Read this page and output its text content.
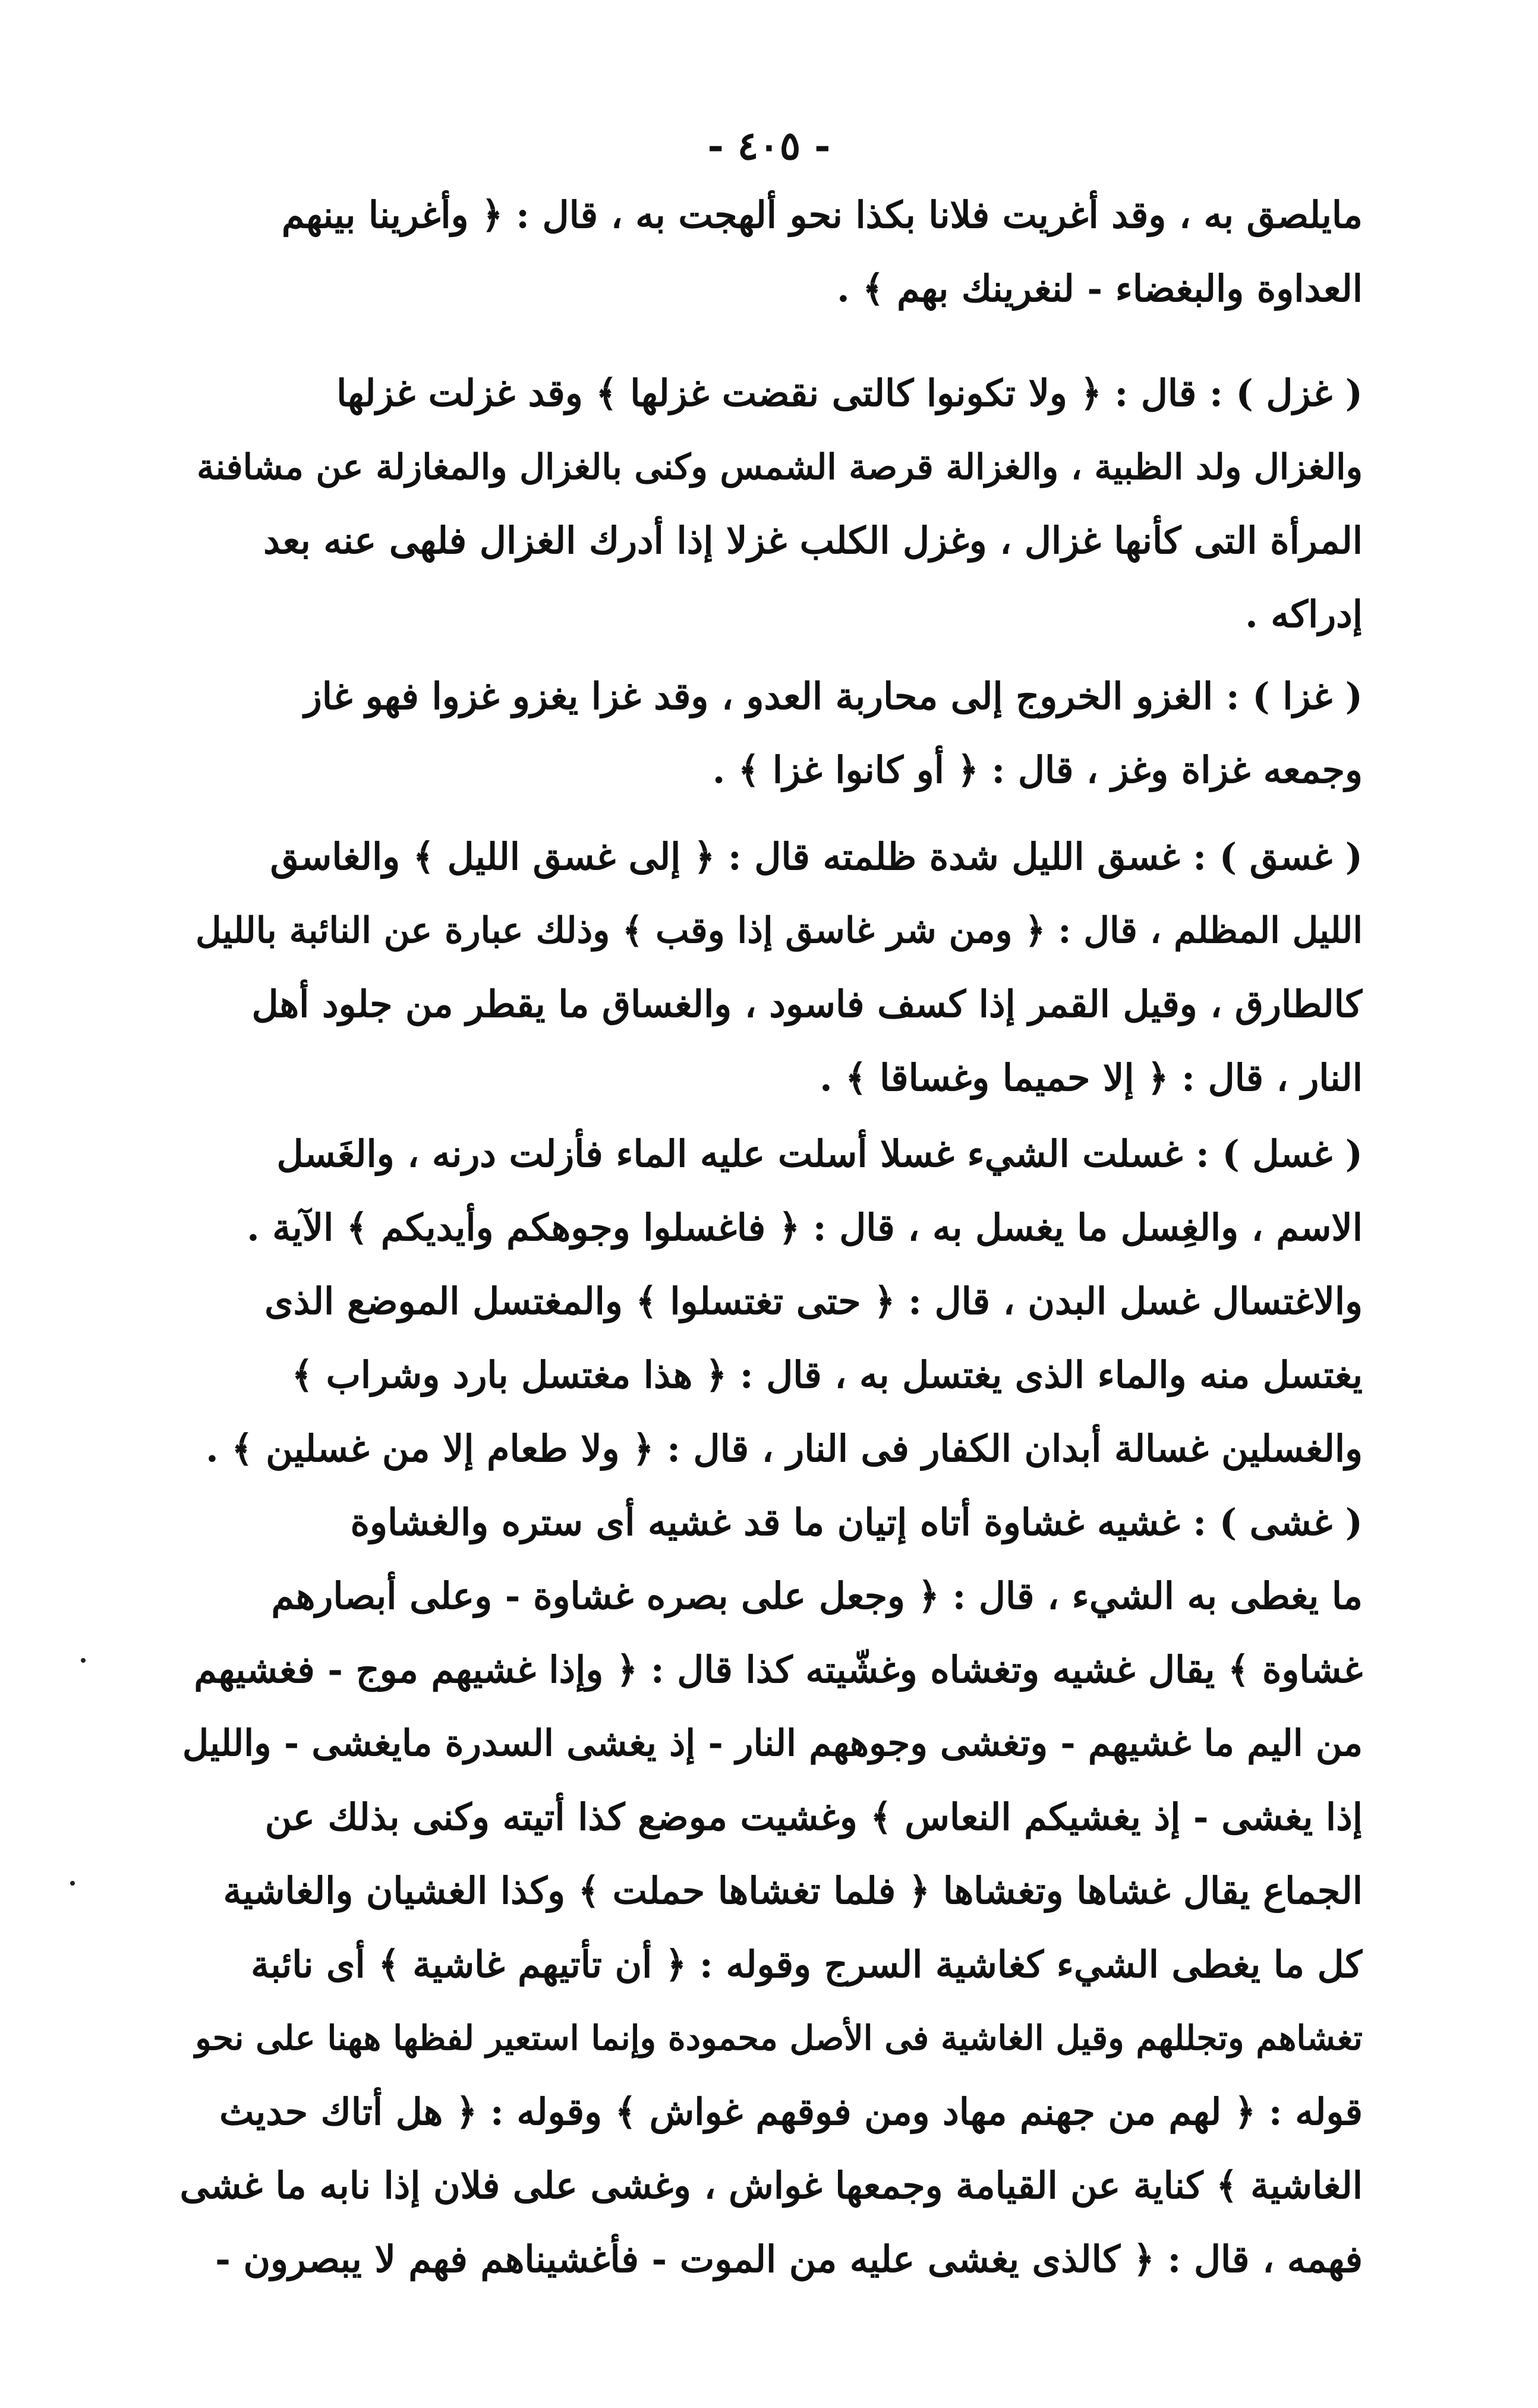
- ٤٠٥ -
مايلصق به ، وقد أغريت فلانا بكذا نحو ألهجت به ، قال : ﴿ وأغرينا بينهم
العداوة والبغضاء - لنغرينك بهم ﴾ .
( غزل ) : قال : ﴿ ولا تكونوا كالتى نقضت غزلها ﴾ وقد غزلت غزلها
والغزال ولد الظبية ، والغزالة قرصة الشمس وكنى بالغزال والمغازلة عن مشافنة
المرأة التى كأنها غزال ، وغزل الكلب غزلا إذا أدرك الغزال فلهى عنه بعد
إدراكه .
( غزا ) : الغزو الخروج إلى محاربة العدو ، وقد غزا يغزو غزوا فهو غاز
وجمعه غزاة وغز ، قال : ﴿ أو كانوا غزا ﴾ .
( غسق ) : غسق الليل شدة ظلمته قال : ﴿ إلى غسق الليل ﴾ والغاسق
الليل المظلم ، قال : ﴿ ومن شر غاسق إذا وقب ﴾ وذلك عبارة عن النائبة بالليل
كالطارق ، وقيل القمر إذا كسف فاسود ، والغساق ما يقطر من جلود أهل
النار ، قال : ﴿ إلا حميما وغساقا ﴾ .
( غسل ) : غسلت الشيء غسلا أسلت عليه الماء فأزلت درنه ، والغَسل
الاسم ، والغِسل ما يغسل به ، قال : ﴿ فاغسلوا وجوهكم وأيديكم ﴾ الآية .
والاغتسال غسل البدن ، قال : ﴿ حتى تغتسلوا ﴾ والمغتسل الموضع الذى
يغتسل منه والماء الذى يغتسل به ، قال : ﴿ هذا مغتسل بارد وشراب ﴾
والغسلين غسالة أبدان الكفار فى النار ، قال : ﴿ ولا طعام إلا من غسلين ﴾ .
( غشى ) : غشيه غشاوة أتاه إتيان ما قد غشيه أى ستره والغشاوة
ما يغطى به الشيء ، قال : ﴿ وجعل على بصره غشاوة - وعلى أبصارهم
غشاوة ﴾ يقال غشيه وتغشاه وغشّيته كذا قال : ﴿ وإذا غشيهم موج - فغشيهم
من اليم ما غشيهم - وتغشى وجوههم النار - إذ يغشى السدرة مايغشى - والليل
إذا يغشى - إذ يغشيكم النعاس ﴾ وغشيت موضع كذا أتيته وكنى بذلك عن
الجماع يقال غشاها وتغشاها ﴿ فلما تغشاها حملت ﴾ وكذا الغشيان والغاشية
كل ما يغطى الشيء كغاشية السرج وقوله : ﴿ أن تأتيهم غاشية ﴾ أى نائبة
تغشاهم وتجللهم وقيل الغاشية فى الأصل محمودة وإنما استعير لفظها ههنا على نحو
قوله : ﴿ لهم من جهنم مهاد ومن فوقهم غواش ﴾ وقوله : ﴿ هل أتاك حديث
الغاشية ﴾ كناية عن القيامة وجمعها غواش ، وغشى على فلان إذا نابه ما غشى
فهمه ، قال : ﴿ كالذى يغشى عليه من الموت - فأغشيناهم فهم لا يبصرون -
